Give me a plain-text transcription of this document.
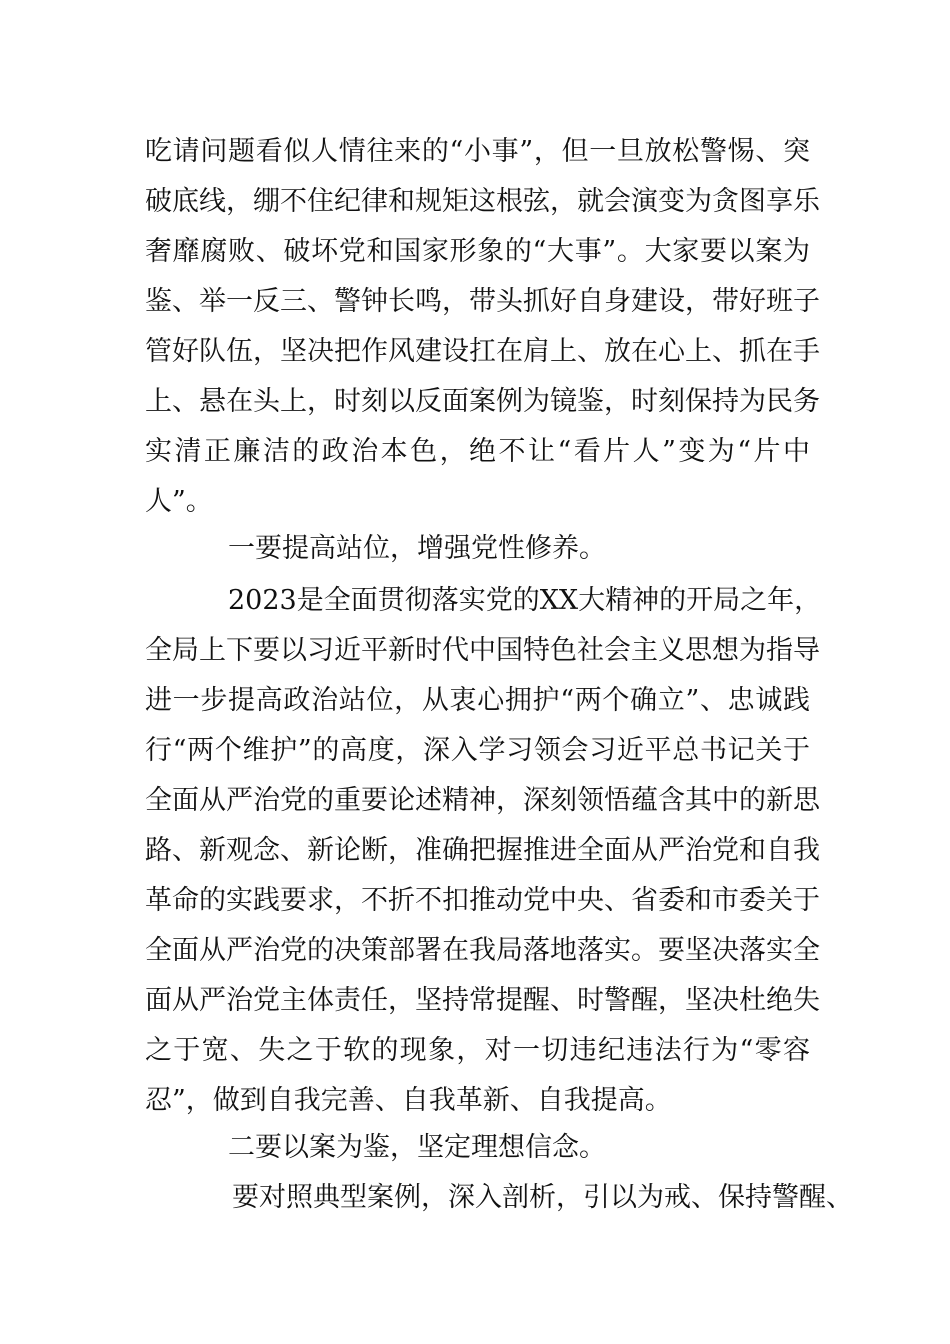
吃请问题看似人情往来的“小事”，但一旦放松警惕、突
破底线，绷不住纪律和规矩这根弦，就会演变为贪图享乐
奢靡腐败、破坏党和国家形象的“大事”。大家要以案为
鉴、举一反三、警钟长鸣，带头抓好自身建设，带好班子
管好队伍，坚决把作风建设扛在肩上、放在心上、抓在手
上、悬在头上，时刻以反面案例为镜鉴，时刻保持为民务
实清正廉洁的政治本色，绝不让“看片人”变为“片中
人”。
一要提高站位，增强党性修养。
2023是全面贯彻落实党的XX大精神的开局之年，
全局上下要以习近平新时代中国特色社会主义思想为指导
进一步提高政治站位，从衷心拥护“两个确立”、忠诚践
行“两个维护”的高度，深入学习领会习近平总书记关于
全面从严治党的重要论述精神，深刻领悟蕴含其中的新思
路、新观念、新论断，准确把握推进全面从严治党和自我
革命的实践要求，不折不扣推动党中央、省委和市委关于
全面从严治党的决策部署在我局落地落实。要坚决落实全
面从严治党主体责任，坚持常提醒、时警醒，坚决杜绝失
之于宽、失之于软的现象，对一切违纪违法行为“零容
忍”，做到自我完善、自我革新、自我提高。
二要以案为鉴，坚定理想信念。
要对照典型案例，深入剖析，引以为戒、保持警醒、
